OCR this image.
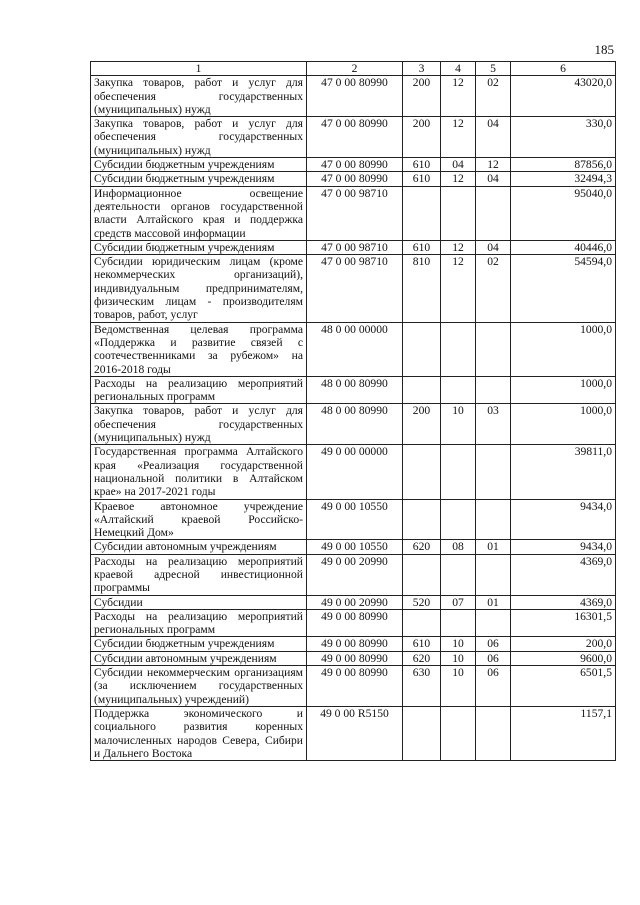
185
1	2	3	4	5	6
Закупка товаров, работ и услуг для обеспечения государственных (муниципальных) нужд	47 0 00 80990	200	12	02	43020,0
Закупка товаров, работ и услуг для обеспечения государственных (муниципальных) нужд	47 0 00 80990	200	12	04	330,0
Субсидии бюджетным учреждениям	47 0 00 80990	610	04	12	87856,0
Субсидии бюджетным учреждениям	47 0 00 80990	610	12	04	32494,3
Информационное освещение деятельности органов государственной власти Алтайского края и поддержка средств массовой информации	47 0 00 98710				95040,0
Субсидии бюджетным учреждениям	47 0 00 98710	610	12	04	40446,0
Субсидии юридическим лицам (кроме некоммерческих организаций), индивидуальным предпринимателям, физическим лицам - производителям товаров, работ, услуг	47 0 00 98710	810	12	02	54594,0
Ведомственная целевая программа «Поддержка и развитие связей с соотечественниками за рубежом» на 2016-2018 годы	48 0 00 00000				1000,0
Расходы на реализацию мероприятий региональных программ	48 0 00 80990				1000,0
Закупка товаров, работ и услуг для обеспечения государственных (муниципальных) нужд	48 0 00 80990	200	10	03	1000,0
Государственная программа Алтайского края «Реализация государственной национальной политики в Алтайском крае» на 2017-2021 годы	49 0 00 00000				39811,0
Краевое автономное учреждение «Алтайский краевой Российско-Немецкий Дом»	49 0 00 10550				9434,0
Субсидии автономным учреждениям	49 0 00 10550	620	08	01	9434,0
Расходы на реализацию мероприятий краевой адресной инвестиционной программы	49 0 00 20990				4369,0
Субсидии	49 0 00 20990	520	07	01	4369,0
Расходы на реализацию мероприятий региональных программ	49 0 00 80990				16301,5
Субсидии бюджетным учреждениям	49 0 00 80990	610	10	06	200,0
Субсидии автономным учреждениям	49 0 00 80990	620	10	06	9600,0
Субсидии некоммерческим организациям (за исключением государственных (муниципальных) учреждений)	49 0 00 80990	630	10	06	6501,5
Поддержка экономического и социального развития коренных малочисленных народов Севера, Сибири и Дальнего Востока	49 0 00 R5150				1157,1
